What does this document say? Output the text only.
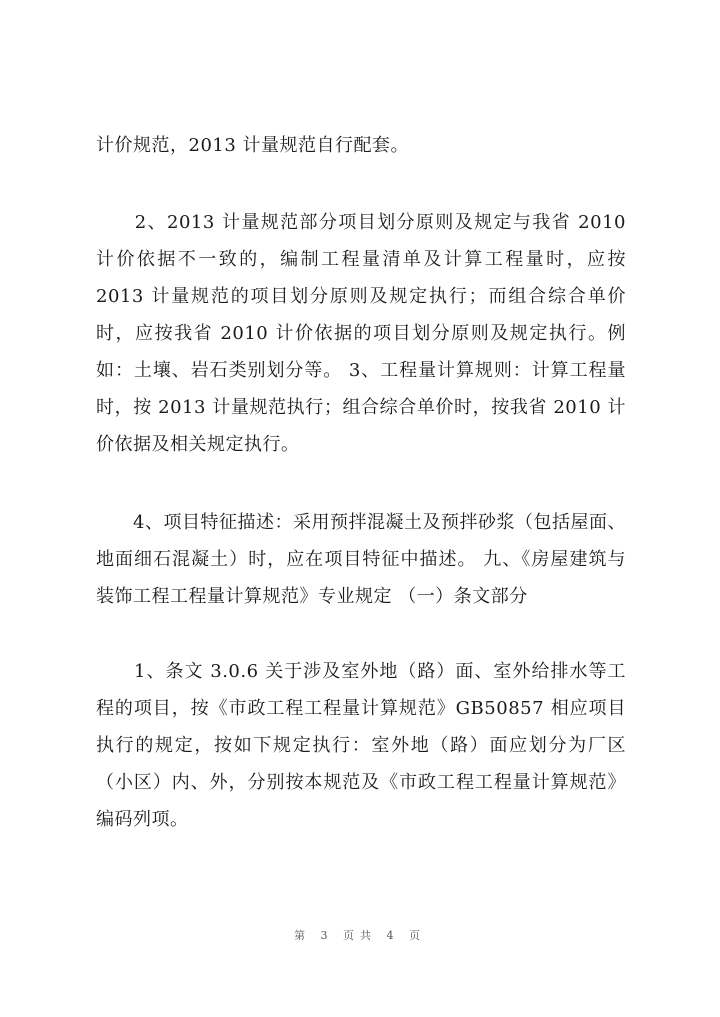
计价规范，2013 计量规范自行配套。

　　2、2013 计量规范部分项目划分原则及规定与我省 2010 计价依据不一致的，编制工程量清单及计算工程量时，应按 2013 计量规范的项目划分原则及规定执行；而组合综合单价时，应按我省 2010 计价依据的项目划分原则及规定执行。例如：土壤、岩石类别划分等。 3、工程量计算规则：计算工程量时，按 2013 计量规范执行；组合综合单价时，按我省 2010 计价依据及相关规定执行。

　　4、项目特征描述：采用预拌混凝土及预拌砂浆（包括屋面、地面细石混凝土）时，应在项目特征中描述。 九、《房屋建筑与装饰工程工程量计算规范》专业规定 （一）条文部分

　　1、条文 3.0.6 关于涉及室外地（路）面、室外给排水等工程的项目，按《市政工程工程量计算规范》GB50857 相应项目执行的规定，按如下规定执行：室外地（路）面应划分为厂区（小区）内、外，分别按本规范及《市政工程工程量计算规范》编码列项。

第 3 页共 4 页
